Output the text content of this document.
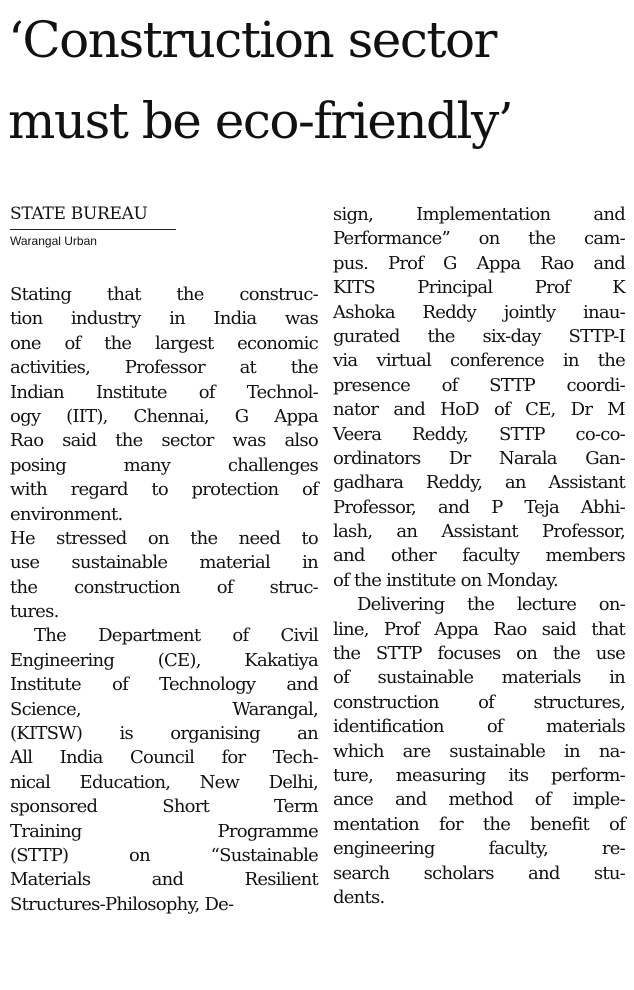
‘Construction sector
must be eco-friendly’
STATE BUREAU
Warangal Urban
Stating that the construc-
tion industry in India was
one of the largest economic
activities, Professor at the
Indian Institute of Technol-
ogy (IIT), Chennai, G Appa
Rao said the sector was also
posing many challenges
with regard to protection of
environment.
He stressed on the need to
use sustainable material in
the construction of struc-
tures.
The Department of Civil
Engineering (CE), Kakatiya
Institute of Technology and
Science, Warangal,
(KITSW) is organising an
All India Council for Tech-
nical Education, New Delhi,
sponsored Short Term
Training Programme
(STTP) on “Sustainable
Materials and Resilient
Structures-Philosophy, De-
sign, Implementation and
Performance” on the cam-
pus. Prof G Appa Rao and
KITS Principal Prof K
Ashoka Reddy jointly inau-
gurated the six-day STTP-I
via virtual conference in the
presence of STTP coordi-
nator and HoD of CE, Dr M
Veera Reddy, STTP co-co-
ordinators Dr Narala Gan-
gadhara Reddy, an Assistant
Professor, and P Teja Abhi-
lash, an Assistant Professor,
and other faculty members
of the institute on Monday.
Delivering the lecture on-
line, Prof Appa Rao said that
the STTP focuses on the use
of sustainable materials in
construction of structures,
identification of materials
which are sustainable in na-
ture, measuring its perform-
ance and method of imple-
mentation for the benefit of
engineering faculty, re-
search scholars and stu-
dents.
